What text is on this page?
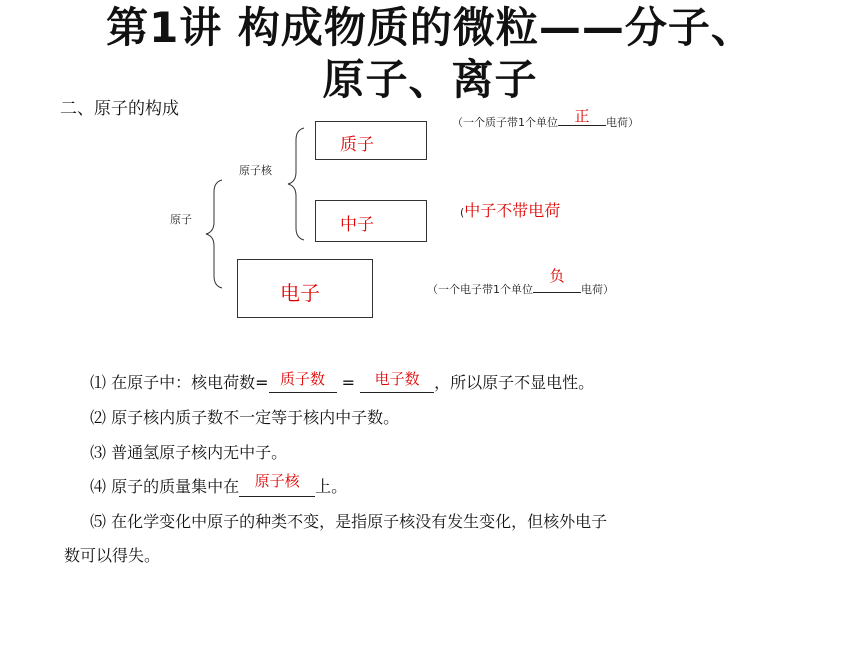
第1讲 构成物质的微粒——分子、
原子、离子
二、原子的构成
原子
原子核
质子
中子
电子
（一个质子带1个单位	正	电荷）
(中子不带电荷
（一个电子带1个单位
负
电荷）
⑴ 在原子中：核电荷数= 质子数	=	电子数 ，所以原子不显电性。
⑵ 原子核内质子数不一定等于核内中子数。
⑶ 普通氢原子核内无中子。
⑷ 原子的质量集中在	原子核 上。
⑸ 在化学变化中原子的种类不变，是指原子核没有发生变化，但核外电子
数可以得失。
